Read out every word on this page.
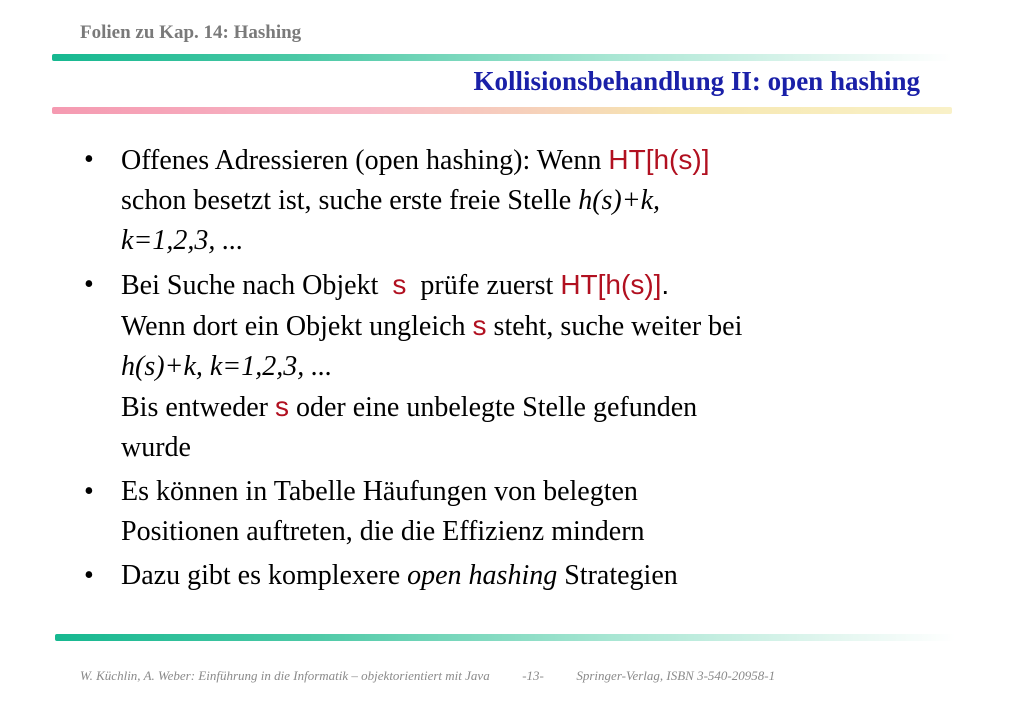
Folien zu Kap. 14: Hashing
Kollisionsbehandlung II: open hashing
• Offenes Adressieren (open hashing): Wenn HT[h(s)]
schon besetzt ist, suche erste freie Stelle h(s)+k,
k=1,2,3, ...
• Bei Suche nach Objekt  s  prüfe zuerst HT[h(s)].
Wenn dort ein Objekt ungleich s steht, suche weiter bei
h(s)+k, k=1,2,3, ...
Bis entweder s oder eine unbelegte Stelle gefunden
wurde
• Es können in Tabelle Häufungen von belegten
Positionen auftreten, die die Effizienz mindern
• Dazu gibt es komplexere open hashing Strategien
W. Küchlin, A. Weber: Einführung in die Informatik – objektorientiert mit Java	-13-	Springer-Verlag, ISBN 3-540-20958-1
